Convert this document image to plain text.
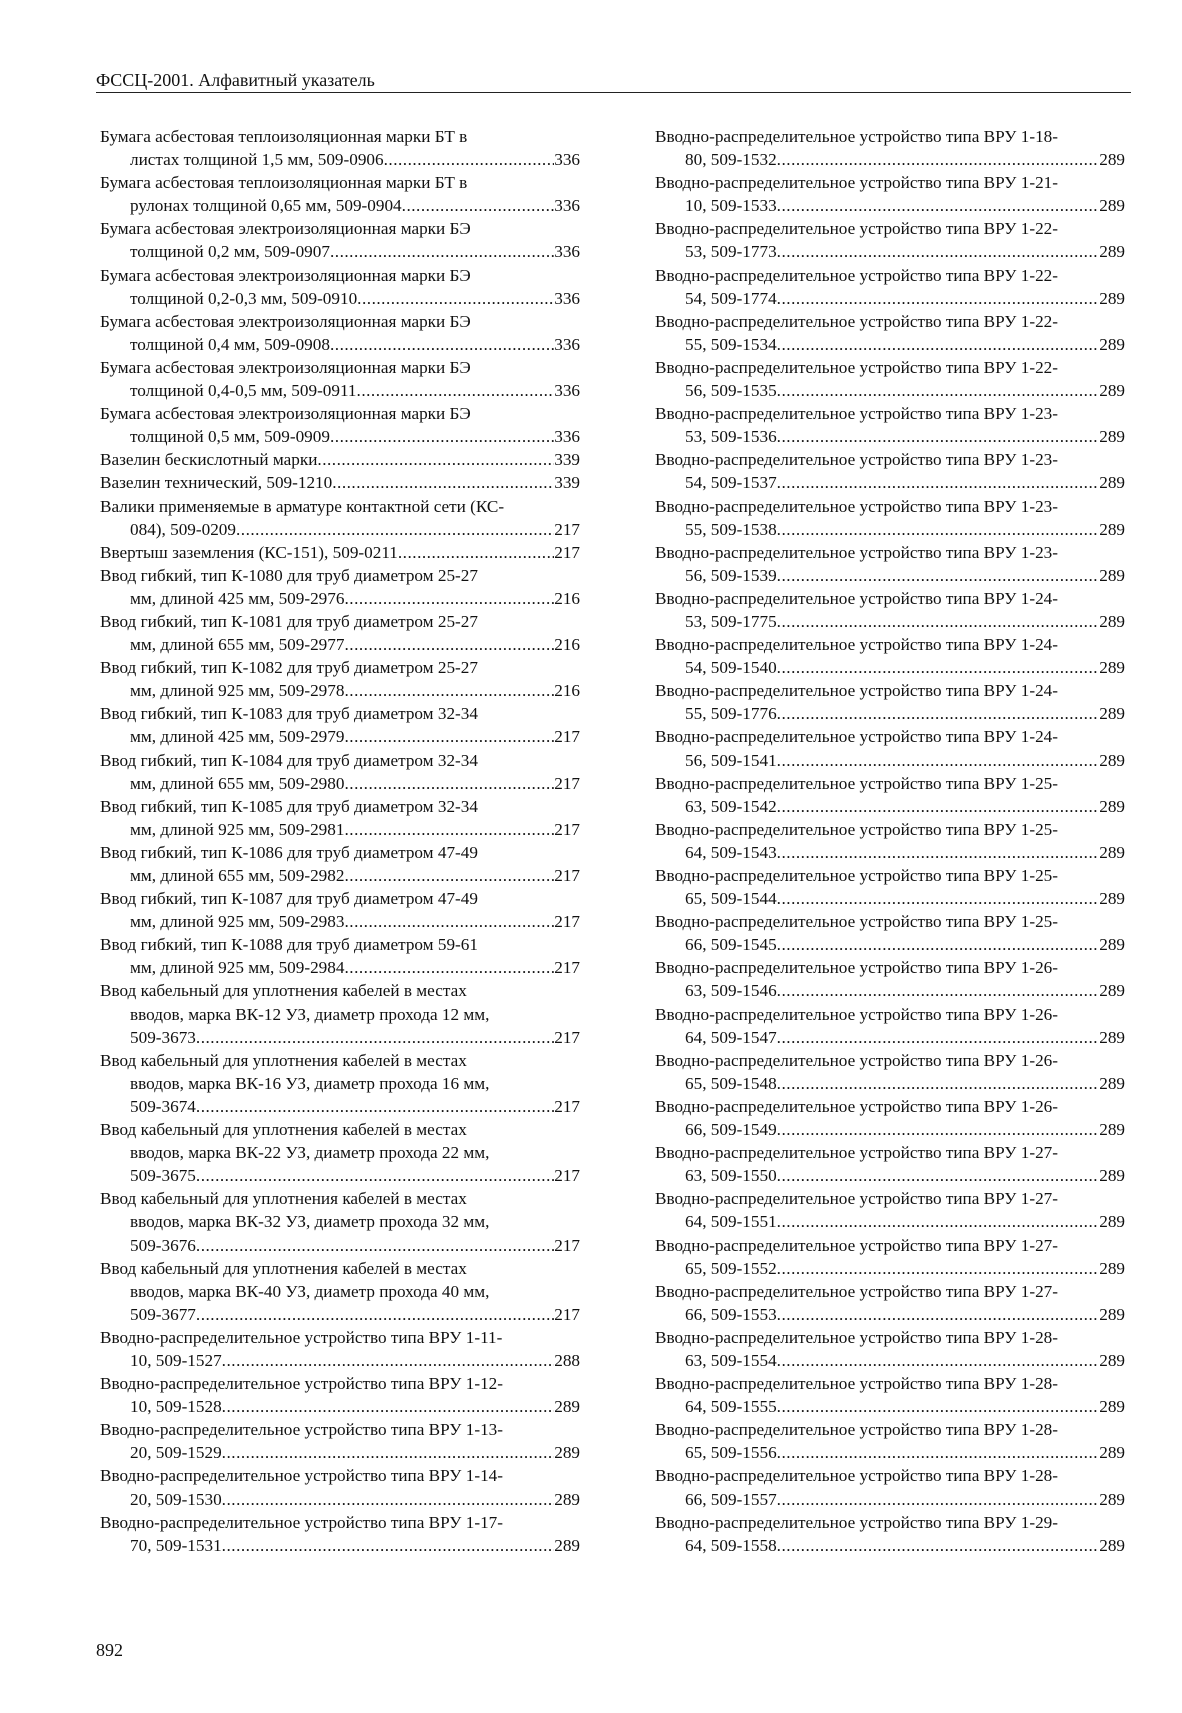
ФССЦ-2001. Алфавитный указатель
Бумага асбестовая теплоизоляционная марки БТ в
листах толщиной 1,5 мм, 509-0906 .....	336
Бумага асбестовая теплоизоляционная марки БТ в
рулонах толщиной 0,65 мм, 509-0904 .....	336
Бумага асбестовая электроизоляционная марки БЭ
толщиной 0,2 мм, 509-0907 .....	336
Бумага асбестовая электроизоляционная марки БЭ
толщиной 0,2-0,3 мм, 509-0910 .....	336
Бумага асбестовая электроизоляционная марки БЭ
толщиной 0,4 мм, 509-0908 .....	336
Бумага асбестовая электроизоляционная марки БЭ
толщиной 0,4-0,5 мм, 509-0911 .....	336
Бумага асбестовая электроизоляционная марки БЭ
толщиной 0,5 мм, 509-0909 .....	336
Вазелин бескислотный марки .....	339
Вазелин технический, 509-1210 .....	339
Валики применяемые в арматуре контактной сети (КС-
084), 509-0209 .....	217
Ввертыш заземления (КС-151), 509-0211 .....	217
Ввод гибкий, тип К-1080 для труб диаметром 25-27
мм, длиной 425 мм, 509-2976 .....	216
Ввод гибкий, тип К-1081 для труб диаметром 25-27
мм, длиной 655 мм, 509-2977 .....	216
Ввод гибкий, тип К-1082 для труб диаметром 25-27
мм, длиной 925 мм, 509-2978 .....	216
Ввод гибкий, тип К-1083 для труб диаметром 32-34
мм, длиной 425 мм, 509-2979 .....	217
Ввод гибкий, тип К-1084 для труб диаметром 32-34
мм, длиной 655 мм, 509-2980 .....	217
Ввод гибкий, тип К-1085 для труб диаметром 32-34
мм, длиной 925 мм, 509-2981 .....	217
Ввод гибкий, тип К-1086 для труб диаметром 47-49
мм, длиной 655 мм, 509-2982 .....	217
Ввод гибкий, тип К-1087 для труб диаметром 47-49
мм, длиной 925 мм, 509-2983 .....	217
Ввод гибкий, тип К-1088 для труб диаметром 59-61
мм, длиной 925 мм, 509-2984 .....	217
Ввод кабельный для уплотнения кабелей в местах
вводов, марка ВК-12 УЗ, диаметр прохода 12 мм,
509-3673 .....	217
Ввод кабельный для уплотнения кабелей в местах
вводов, марка ВК-16 УЗ, диаметр прохода 16 мм,
509-3674 .....	217
Ввод кабельный для уплотнения кабелей в местах
вводов, марка ВК-22 УЗ, диаметр прохода 22 мм,
509-3675 .....	217
Ввод кабельный для уплотнения кабелей в местах
вводов, марка ВК-32 УЗ, диаметр прохода 32 мм,
509-3676 .....	217
Ввод кабельный для уплотнения кабелей в местах
вводов, марка ВК-40 УЗ, диаметр прохода 40 мм,
509-3677 .....	217
Вводно-распределительное устройство типа ВРУ 1-11-
10, 509-1527 .....	288
Вводно-распределительное устройство типа ВРУ 1-12-
10, 509-1528 .....	289
Вводно-распределительное устройство типа ВРУ 1-13-
20, 509-1529 .....	289
Вводно-распределительное устройство типа ВРУ 1-14-
20, 509-1530 .....	289
Вводно-распределительное устройство типа ВРУ 1-17-
70, 509-1531 .....	289
Вводно-распределительное устройство типа ВРУ 1-18-
80, 509-1532 .....	289
Вводно-распределительное устройство типа ВРУ 1-21-
10, 509-1533 .....	289
Вводно-распределительное устройство типа ВРУ 1-22-
53, 509-1773 .....	289
Вводно-распределительное устройство типа ВРУ 1-22-
54, 509-1774 .....	289
Вводно-распределительное устройство типа ВРУ 1-22-
55, 509-1534 .....	289
Вводно-распределительное устройство типа ВРУ 1-22-
56, 509-1535 .....	289
Вводно-распределительное устройство типа ВРУ 1-23-
53, 509-1536 .....	289
Вводно-распределительное устройство типа ВРУ 1-23-
54, 509-1537 .....	289
Вводно-распределительное устройство типа ВРУ 1-23-
55, 509-1538 .....	289
Вводно-распределительное устройство типа ВРУ 1-23-
56, 509-1539 .....	289
Вводно-распределительное устройство типа ВРУ 1-24-
53, 509-1775 .....	289
Вводно-распределительное устройство типа ВРУ 1-24-
54, 509-1540 .....	289
Вводно-распределительное устройство типа ВРУ 1-24-
55, 509-1776 .....	289
Вводно-распределительное устройство типа ВРУ 1-24-
56, 509-1541 .....	289
Вводно-распределительное устройство типа ВРУ 1-25-
63, 509-1542 .....	289
Вводно-распределительное устройство типа ВРУ 1-25-
64, 509-1543 .....	289
Вводно-распределительное устройство типа ВРУ 1-25-
65, 509-1544 .....	289
Вводно-распределительное устройство типа ВРУ 1-25-
66, 509-1545 .....	289
Вводно-распределительное устройство типа ВРУ 1-26-
63, 509-1546 .....	289
Вводно-распределительное устройство типа ВРУ 1-26-
64, 509-1547 .....	289
Вводно-распределительное устройство типа ВРУ 1-26-
65, 509-1548 .....	289
Вводно-распределительное устройство типа ВРУ 1-26-
66, 509-1549 .....	289
Вводно-распределительное устройство типа ВРУ 1-27-
63, 509-1550 .....	289
Вводно-распределительное устройство типа ВРУ 1-27-
64, 509-1551 .....	289
Вводно-распределительное устройство типа ВРУ 1-27-
65, 509-1552 .....	289
Вводно-распределительное устройство типа ВРУ 1-27-
66, 509-1553 .....	289
Вводно-распределительное устройство типа ВРУ 1-28-
63, 509-1554 .....	289
Вводно-распределительное устройство типа ВРУ 1-28-
64, 509-1555 .....	289
Вводно-распределительное устройство типа ВРУ 1-28-
65, 509-1556 .....	289
Вводно-распределительное устройство типа ВРУ 1-28-
66, 509-1557 .....	289
Вводно-распределительное устройство типа ВРУ 1-29-
64, 509-1558 .....	289
892
